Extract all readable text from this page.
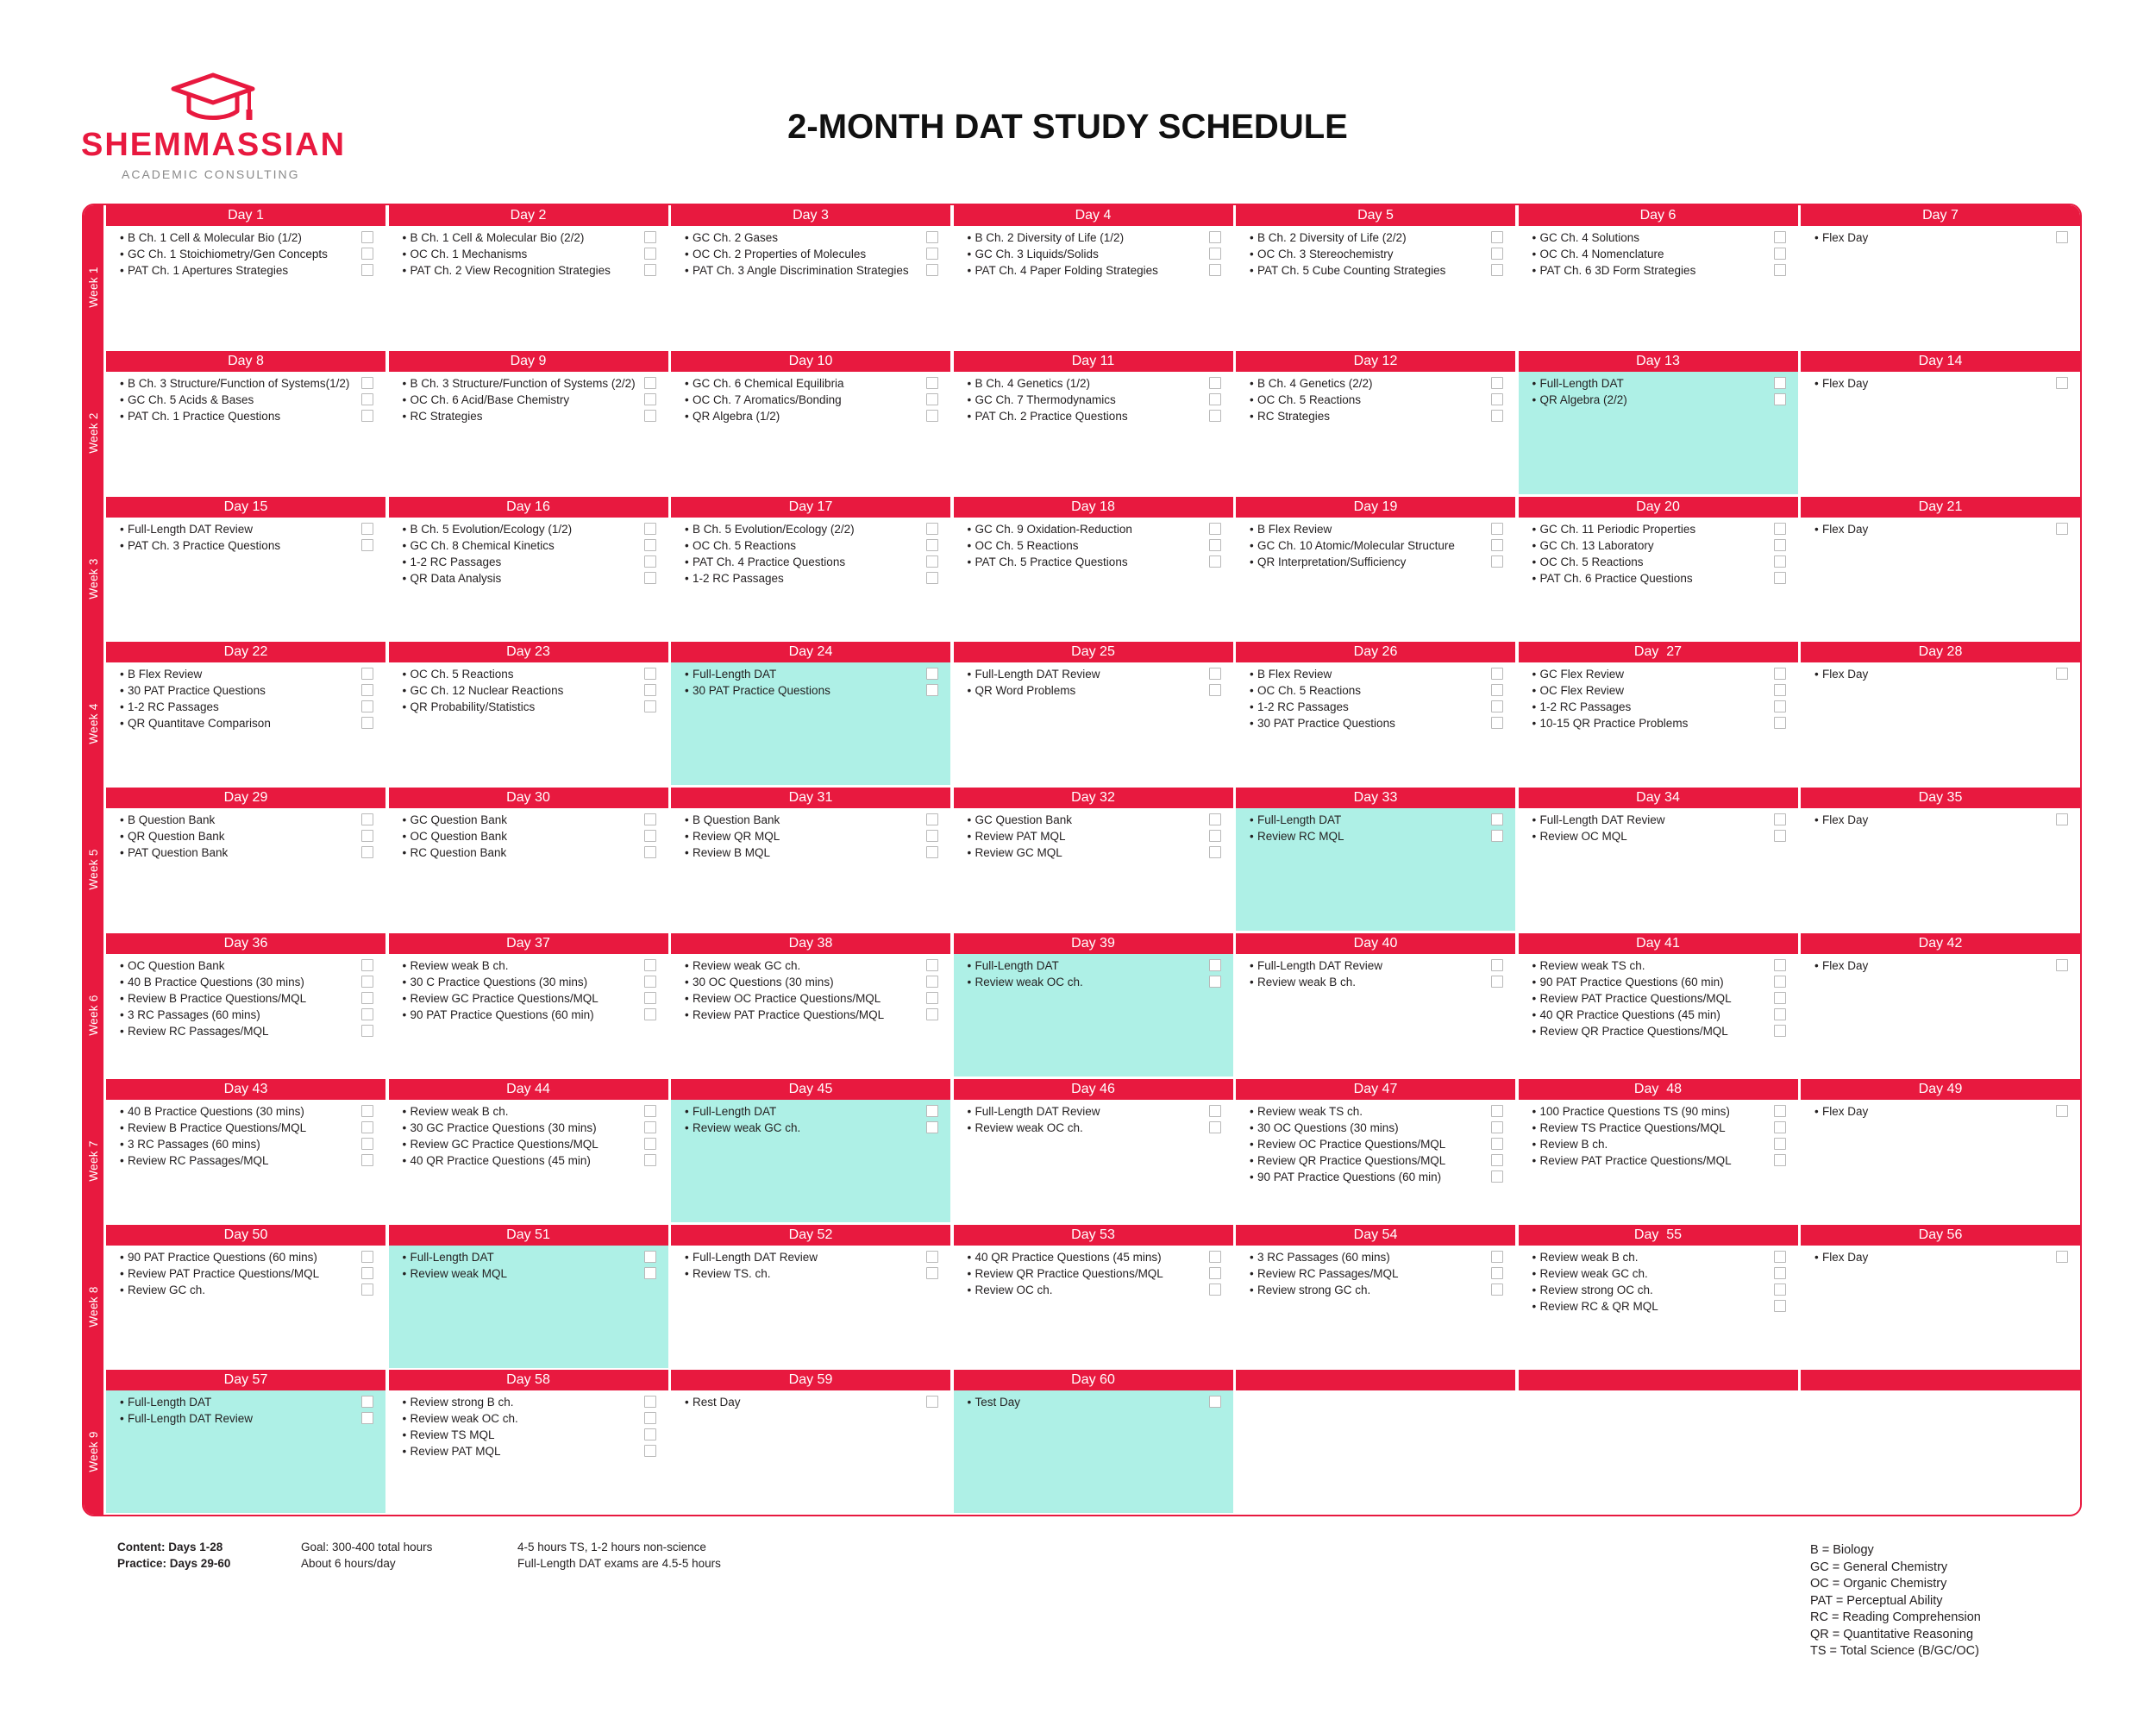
SHEMMASSIAN
ACADEMIC CONSULTING
2-MONTH DAT STUDY SCHEDULE
Week 1
Day 1
•B Ch. 1 Cell & Molecular Bio (1/2)
•GC Ch. 1 Stoichiometry/Gen Concepts
•PAT Ch. 1 Apertures Strategies
Day 2
•B Ch. 1 Cell & Molecular Bio (2/2)
•OC Ch. 1 Mechanisms
•PAT Ch. 2 View Recognition Strategies
Day 3
•GC Ch. 2 Gases
•OC Ch. 2 Properties of Molecules
•PAT Ch. 3 Angle Discrimination Strategies
Day 4
•B Ch. 2 Diversity of Life (1/2)
•GC Ch. 3 Liquids/Solids
•PAT Ch. 4 Paper Folding Strategies
Day 5
•B Ch. 2 Diversity of Life (2/2)
•OC Ch. 3 Stereochemistry
•PAT Ch. 5 Cube Counting Strategies
Day 6
•GC Ch. 4 Solutions
•OC Ch. 4 Nomenclature
•PAT Ch. 6 3D Form Strategies
Day 7
•Flex Day
Week 2
Day 8
•B Ch. 3 Structure/Function of Systems(1/2)
•GC Ch. 5 Acids & Bases
•PAT Ch. 1 Practice Questions
Day 9
•B Ch. 3 Structure/Function of Systems (2/2)
•OC Ch. 6 Acid/Base Chemistry
•RC Strategies
Day 10
•GC Ch. 6 Chemical Equilibria
•OC Ch. 7 Aromatics/Bonding
•QR Algebra (1/2)
Day 11
•B Ch. 4 Genetics (1/2)
•GC Ch. 7 Thermodynamics
•PAT Ch. 2 Practice Questions
Day 12
•B Ch. 4 Genetics (2/2)
•OC Ch. 5 Reactions
•RC Strategies
Day 13
•Full-Length DAT
•QR Algebra (2/2)
Day 14
•Flex Day
Week 3
Day 15
•Full-Length DAT Review
•PAT Ch. 3 Practice Questions
Day 16
•B Ch. 5 Evolution/Ecology (1/2)
•GC Ch. 8 Chemical Kinetics
•1-2 RC Passages
•QR Data Analysis
Day 17
•B Ch. 5 Evolution/Ecology (2/2)
•OC Ch. 5 Reactions
•PAT Ch. 4 Practice Questions
•1-2 RC Passages
Day 18
•GC Ch. 9 Oxidation-Reduction
•OC Ch. 5 Reactions
•PAT Ch. 5 Practice Questions
Day 19
•B Flex Review
•GC Ch. 10 Atomic/Molecular Structure
•QR Interpretation/Sufficiency
Day 20
•GC Ch. 11 Periodic Properties
•GC Ch. 13 Laboratory
•OC Ch. 5 Reactions
•PAT Ch. 6 Practice Questions
Day 21
•Flex Day
Week 4
Day 22
•B Flex Review
•30 PAT Practice Questions
•1-2 RC Passages
•QR Quantitave Comparison
Day 23
•OC Ch. 5 Reactions
•GC Ch. 12 Nuclear Reactions
•QR Probability/Statistics
Day 24
•Full-Length DAT
•30 PAT Practice Questions
Day 25
•Full-Length DAT Review
•QR Word Problems
Day 26
•B Flex Review
•OC Ch. 5 Reactions
•1-2 RC Passages
•30 PAT Practice Questions
Day  27
•GC Flex Review
•OC Flex Review
•1-2 RC Passages
•10-15 QR Practice Problems
Day 28
•Flex Day
Week 5
Day 29
•B Question Bank
•QR Question Bank
•PAT Question Bank
Day 30
•GC Question Bank
•OC Question Bank
•RC Question Bank
Day 31
•B Question Bank
•Review QR MQL
•Review B MQL
Day 32
•GC Question Bank
•Review PAT MQL
•Review GC MQL
Day 33
•Full-Length DAT
•Review RC MQL
Day 34
•Full-Length DAT Review
•Review OC MQL
Day 35
•Flex Day
Week 6
Day 36
•OC Question Bank
•40 B Practice Questions (30 mins)
•Review B Practice Questions/MQL
•3 RC Passages (60 mins)
•Review RC Passages/MQL
Day 37
•Review weak B ch.
•30 C Practice Questions (30 mins)
•Review GC Practice Questions/MQL
•90 PAT Practice Questions (60 min)
Day 38
•Review weak GC ch.
•30 OC Questions (30 mins)
•Review OC Practice Questions/MQL
•Review PAT Practice Questions/MQL
Day 39
•Full-Length DAT
•Review weak OC ch.
Day 40
•Full-Length DAT Review
•Review weak B ch.
Day 41
•Review weak TS ch.
•90 PAT Practice Questions (60 min)
•Review PAT Practice Questions/MQL
•40 QR Practice Questions (45 min)
•Review QR Practice Questions/MQL
Day 42
•Flex Day
Week 7
Day 43
•40 B Practice Questions (30 mins)
•Review B Practice Questions/MQL
•3 RC Passages (60 mins)
•Review RC Passages/MQL
Day 44
•Review weak B ch.
•30 GC Practice Questions (30 mins)
•Review GC Practice Questions/MQL
•40 QR Practice Questions (45 min)
Day 45
•Full-Length DAT
•Review weak GC ch.
Day 46
•Full-Length DAT Review
•Review weak OC ch.
Day 47
•Review weak TS ch.
•30 OC Questions (30 mins)
•Review OC Practice Questions/MQL
•Review QR Practice Questions/MQL
•90 PAT Practice Questions (60 min)
Day  48
•100 Practice Questions TS (90 mins)
•Review TS Practice Questions/MQL
•Review B ch.
•Review PAT Practice Questions/MQL
Day 49
•Flex Day
Week 8
Day 50
•90 PAT Practice Questions (60 mins)
•Review PAT Practice Questions/MQL
•Review GC ch.
Day 51
•Full-Length DAT
•Review weak MQL
Day 52
•Full-Length DAT Review
•Review TS. ch.
Day 53
•40 QR Practice Questions (45 mins)
•Review QR Practice Questions/MQL
•Review OC ch.
Day 54
•3 RC Passages (60 mins)
•Review RC Passages/MQL
•Review strong GC ch.
Day  55
•Review weak B ch.
•Review weak GC ch.
•Review strong OC ch.
•Review RC & QR MQL
Day 56
•Flex Day
Week 9
Day 57
•Full-Length DAT
•Full-Length DAT Review
Day 58
•Review strong B ch.
•Review weak OC ch.
•Review TS MQL
•Review PAT MQL
Day 59
•Rest Day
Day 60
•Test Day
Content: Days 1-28
Practice: Days 29-60
Goal: 300-400 total hours
About 6 hours/day
4-5 hours TS, 1-2 hours non-science
Full-Length DAT exams are 4.5-5 hours
B = Biology
GC = General Chemistry
OC = Organic Chemistry
PAT = Perceptual Ability
RC = Reading Comprehension
QR = Quantitative Reasoning
TS = Total Science (B/GC/OC)
